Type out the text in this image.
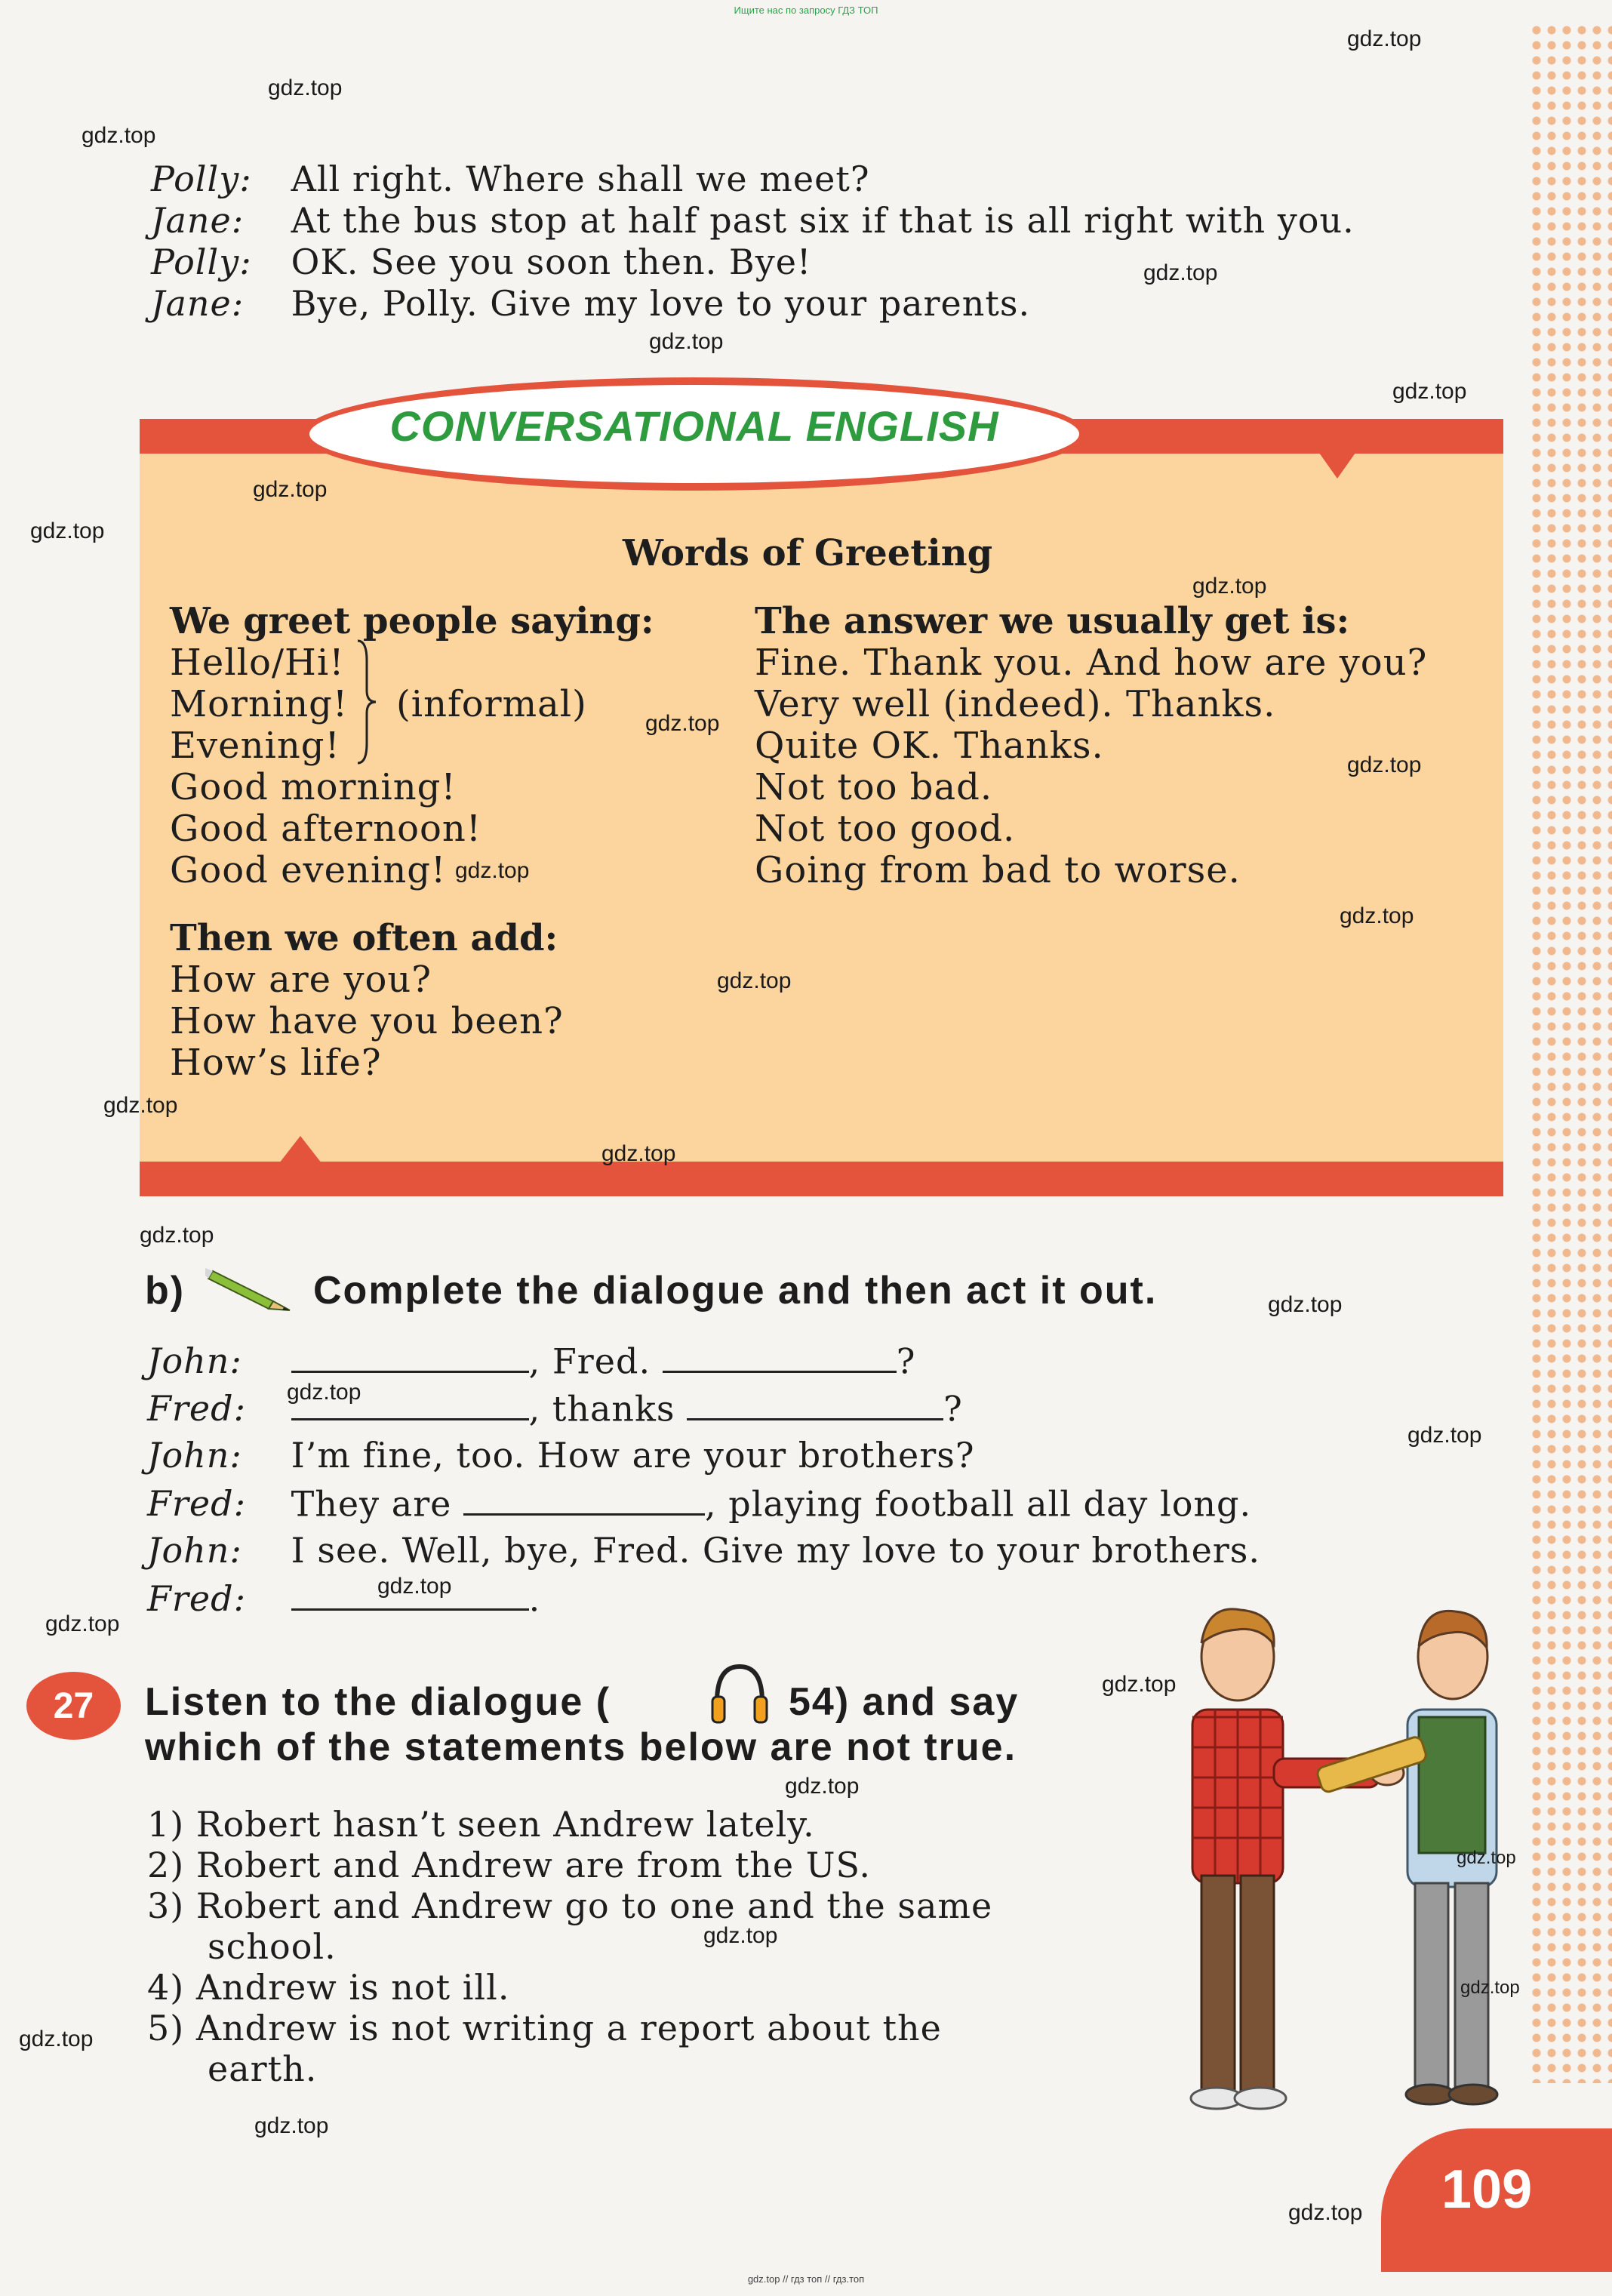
Ищите нас по запросу ГДЗ ТОП
Polly: All right. Where shall we meet?
Jane: At the bus stop at half past six if that is all right with you.
Polly: OK. See you soon then. Bye!
Jane: Bye, Polly. Give my love to your parents.
CONVERSATIONAL ENGLISH
Words of Greeting
We greet people saying:
Hello/Hi!
Morning!
Evening!
(informal)
Good morning!
Good afternoon!
Good evening!
Then we often add:
How are you?
How have you been?
How’s life?
The answer we usually get is:
Fine. Thank you. And how are you?
Very well (indeed). Thanks.
Quite OK. Thanks.
Not too bad.
Not too good.
Going from bad to worse.
b)	Complete the dialogue and then act it out.
John:	, Fred.	?
Fred:	, thanks	?
John: I’m fine, too. How are your brothers?
Fred: They are	, playing football all day long.
John: I see. Well, bye, Fred. Give my love to your brothers.
Fred:	.
27	Listen to the dialogue (	54) and say
which of the statements below are not true.
1) Robert hasn’t seen Andrew lately.
2) Robert and Andrew are from the US.
3) Robert and Andrew go to one and the same
school.
4) Andrew is not ill.
5) Andrew is not writing a report about the
earth.
109
gdz.top
gdz.top
gdz.top
gdz.top
gdz.top
gdz.top
gdz.top
gdz.top
gdz.top
gdz.top
gdz.top
gdz.top
gdz.top
gdz.top
gdz.top
gdz.top
gdz.top
gdz.top
gdz.top
gdz.top
gdz.top
gdz.top
gdz.top
gdz.top
gdz.top
gdz.top
gdz.top
gdz.top
gdz.top
gdz.top
gdz.top // гдз топ // гдз.топ
